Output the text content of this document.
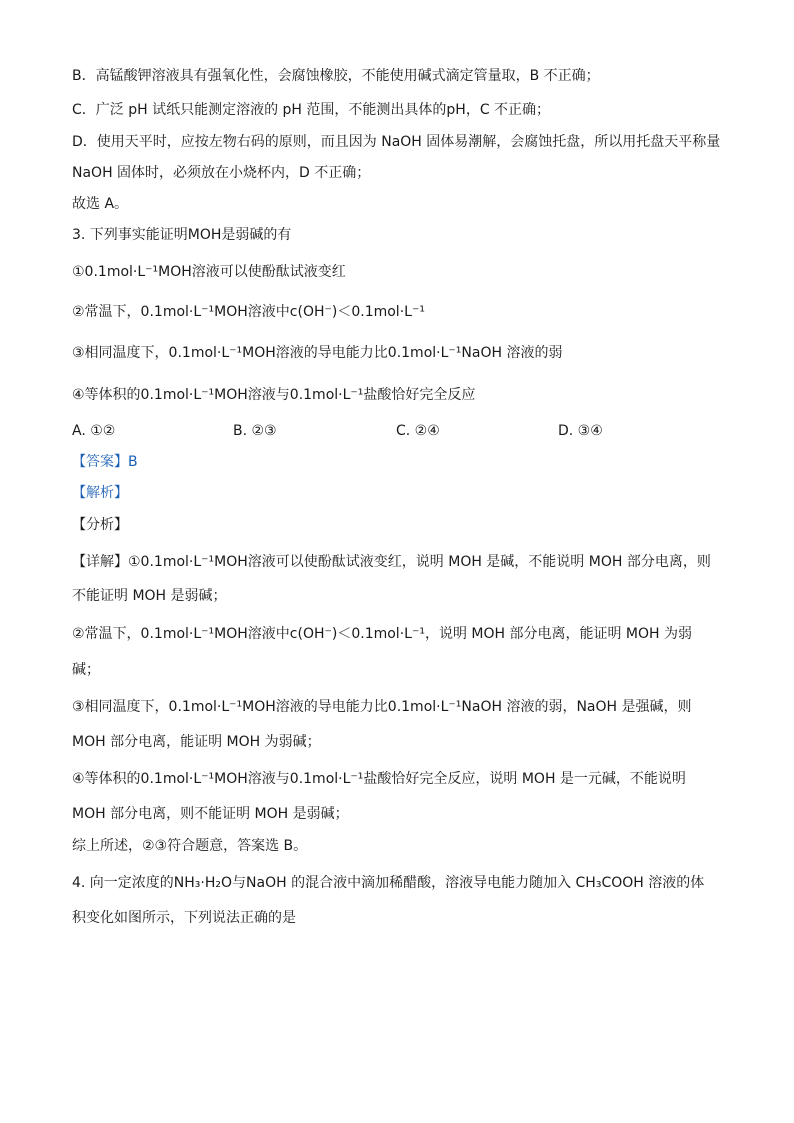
B．高锰酸钾溶液具有强氧化性，会腐蚀橡胶，不能使用碱式滴定管量取，B 不正确；
C．广泛 pH 试纸只能测定溶液的 pH 范围，不能测出具体的pH，C 不正确；
D．使用天平时，应按左物右码的原则，而且因为 NaOH 固体易潮解，会腐蚀托盘，所以用托盘天平称量
NaOH 固体时，必须放在小烧杯内，D 不正确；
故选 A。
3. 下列事实能证明MOH是弱碱的有
①0.1mol·L⁻¹MOH溶液可以使酚酞试液变红
②常温下，0.1mol·L⁻¹MOH溶液中c(OH⁻)＜0.1mol·L⁻¹
③相同温度下，0.1mol·L⁻¹MOH溶液的导电能力比0.1mol·L⁻¹NaOH 溶液的弱
④等体积的0.1mol·L⁻¹MOH溶液与0.1mol·L⁻¹盐酸恰好完全反应
【答案】B
【解析】
【分析】
【详解】①0.1mol·L⁻¹MOH溶液可以使酚酞试液变红，说明 MOH 是碱，不能说明 MOH 部分电离，则
不能证明 MOH 是弱碱；
②常温下，0.1mol·L⁻¹MOH溶液中c(OH⁻)＜0.1mol·L⁻¹，说明 MOH 部分电离，能证明 MOH 为弱
碱；
③相同温度下，0.1mol·L⁻¹MOH溶液的导电能力比0.1mol·L⁻¹NaOH 溶液的弱，NaOH 是强碱，则
MOH 部分电离，能证明 MOH 为弱碱；
④等体积的0.1mol·L⁻¹MOH溶液与0.1mol·L⁻¹盐酸恰好完全反应，说明 MOH 是一元碱，不能说明
MOH 部分电离，则不能证明 MOH 是弱碱；
综上所述，②③符合题意，答案选 B。
4. 向一定浓度的NH₃·H₂O与NaOH 的混合液中滴加稀醋酸，溶液导电能力随加入 CH₃COOH 溶液的体
积变化如图所示，下列说法正确的是
A. ①②	B. ②③	C. ②④	D. ③④
